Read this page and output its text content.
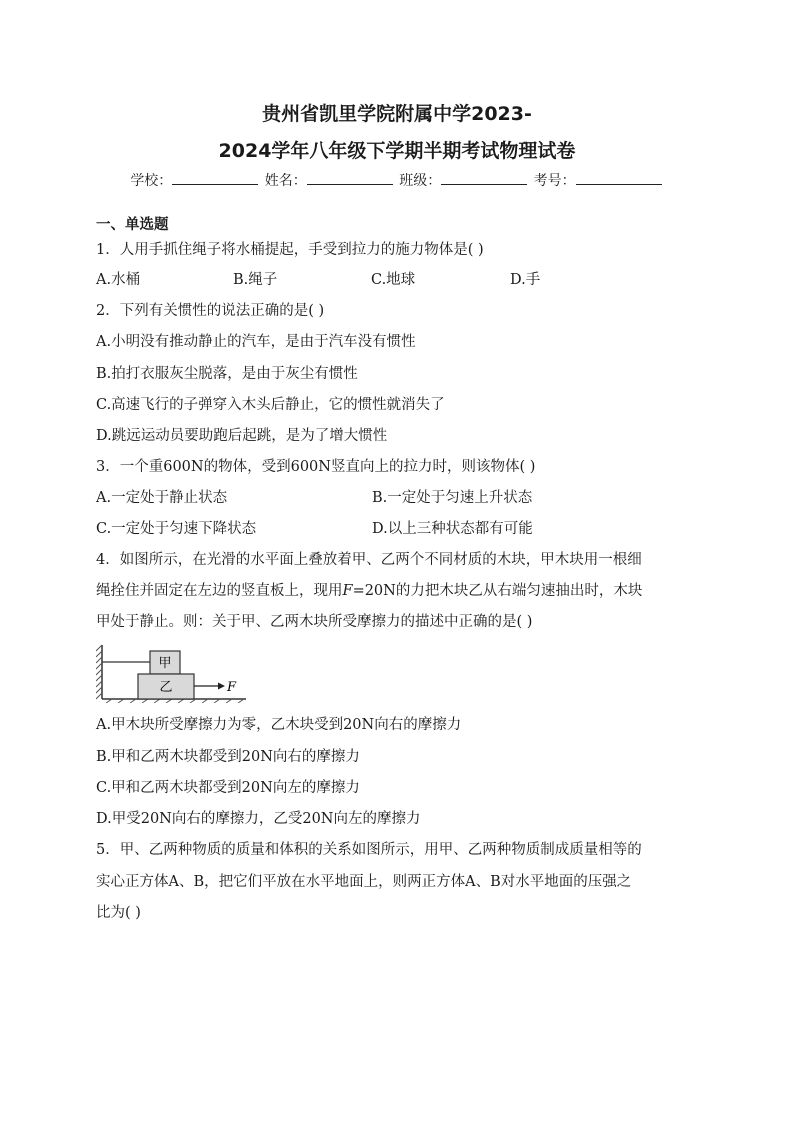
贵州省凯里学院附属中学2023-
2024学年八年级下学期半期考试物理试卷
学校：	姓名：	班级：	考号：
一、单选题
1．人用手抓住绳子将水桶提起，手受到拉力的施力物体是( )
A.水桶	B.绳子	C.地球	D.手
2．下列有关惯性的说法正确的是( )
A.小明没有推动静止的汽车，是由于汽车没有惯性
B.拍打衣服灰尘脱落，是由于灰尘有惯性
C.高速飞行的子弹穿入木头后静止，它的惯性就消失了
D.跳远运动员要助跑后起跳，是为了增大惯性
3．一个重600N的物体，受到600N竖直向上的拉力时，则该物体( )
A.一定处于静止状态	B.一定处于匀速上升状态
C.一定处于匀速下降状态	D.以上三种状态都有可能
4．如图所示，在光滑的水平面上叠放着甲、乙两个不同材质的木块，甲木块用一根细
绳拴住并固定在左边的竖直板上，现用F=20N的力把木块乙从右端匀速抽出时，木块
甲处于静止。则：关于甲、乙两木块所受摩擦力的描述中正确的是( )
甲
乙	F
A.甲木块所受摩擦力为零，乙木块受到20N向右的摩擦力
B.甲和乙两木块都受到20N向右的摩擦力
C.甲和乙两木块都受到20N向左的摩擦力
D.甲受20N向右的摩擦力，乙受20N向左的摩擦力
5．甲、乙两种物质的质量和体积的关系如图所示，用甲、乙两种物质制成质量相等的
实心正方体A、B，把它们平放在水平地面上，则两正方体A、B对水平地面的压强之
比为( )
